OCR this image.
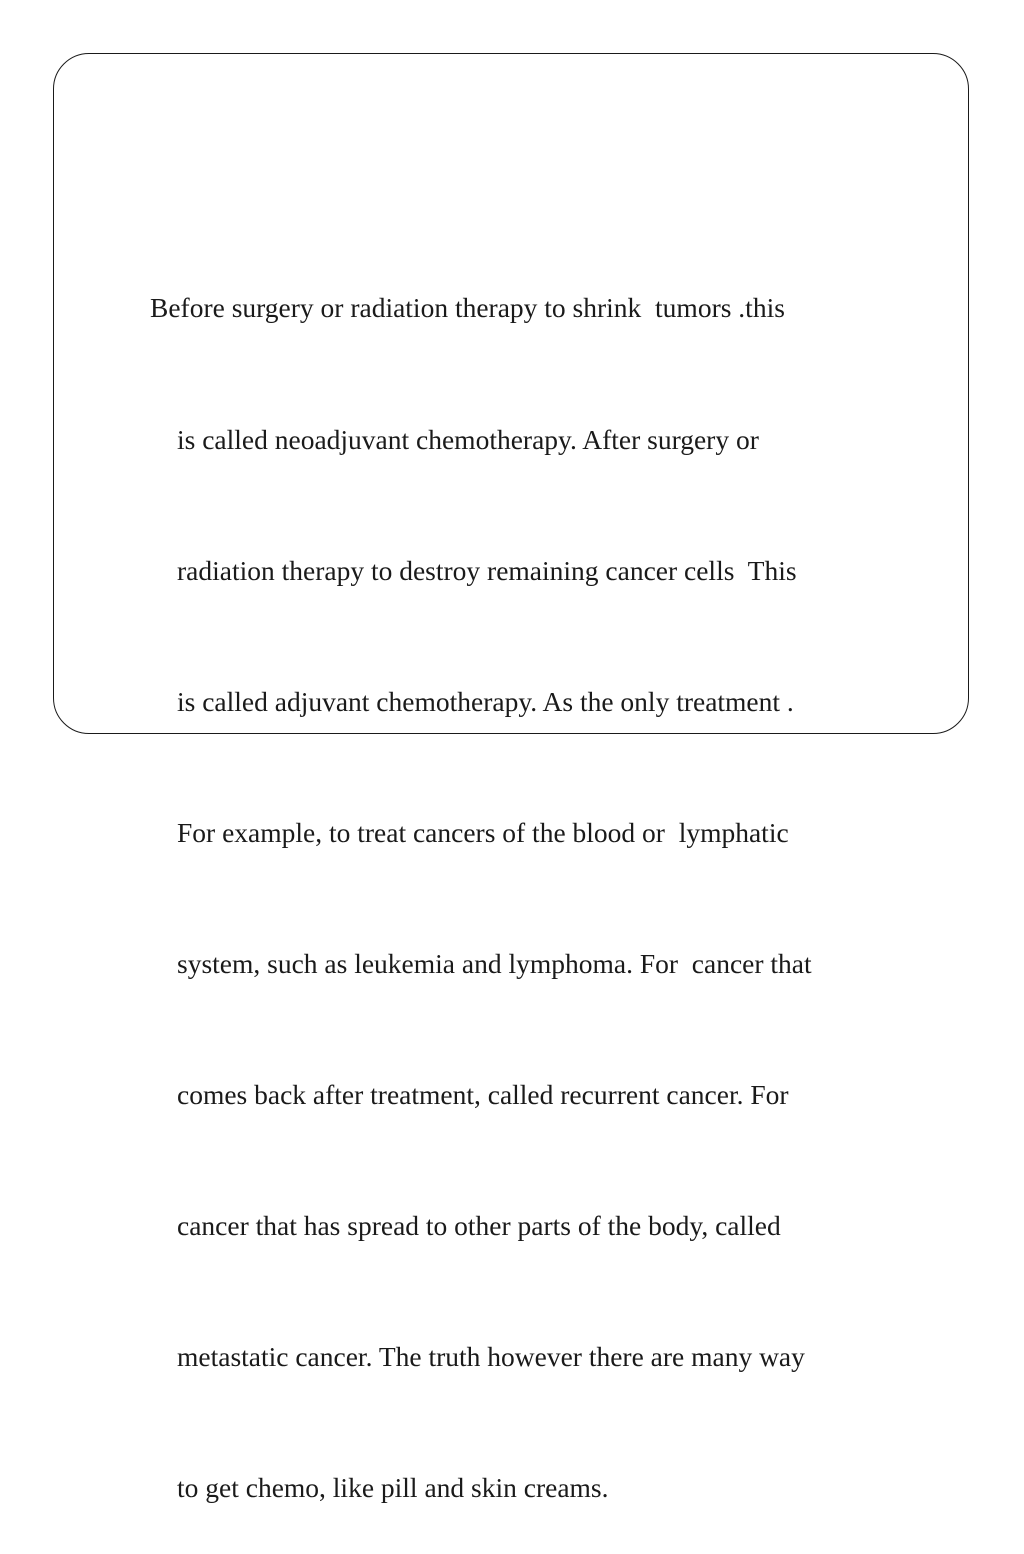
Before surgery or radiation therapy to shrink  tumors .this

is called neoadjuvant chemotherapy. After surgery or

radiation therapy to destroy remaining cancer cells  This

is called adjuvant chemotherapy. As the only treatment .

For example, to treat cancers of the blood or  lymphatic

system, such as leukemia and lymphoma. For  cancer that

comes back after treatment, called recurrent cancer. For

cancer that has spread to other parts of the body, called

metastatic cancer. The truth however there are many way

to get chemo, like pill and skin creams.
